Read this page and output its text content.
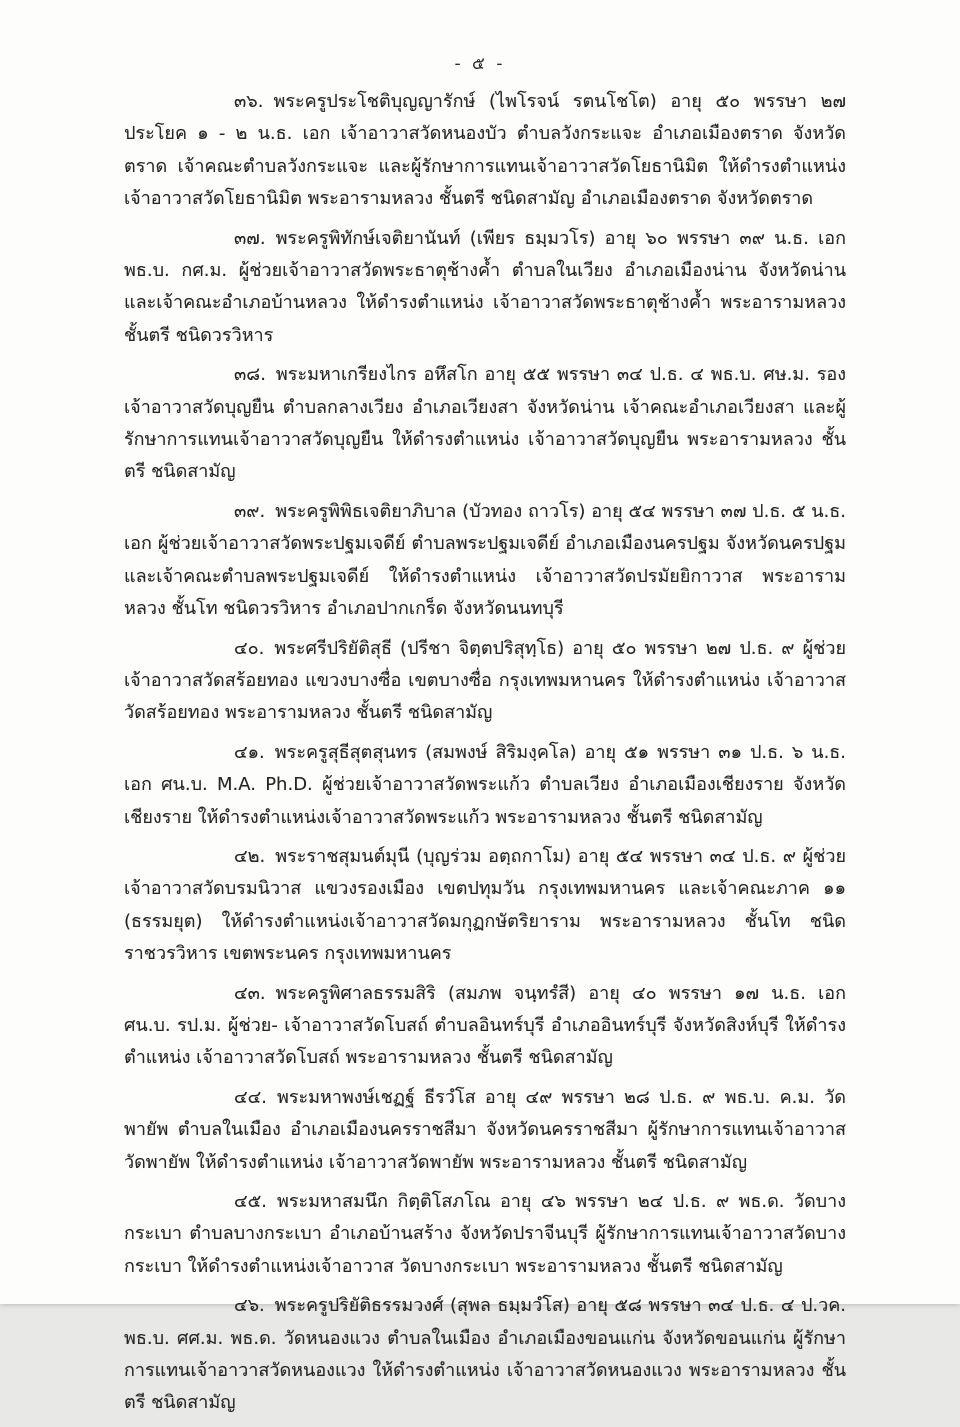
- ๕ -

๓๖. พระครูประโชติบุญญารักษ์ (ไพโรจน์ รตนโชโต) อายุ ๕๐ พรรษา ๒๗ ประโยค ๑ - ๒ น.ธ. เอก เจ้าอาวาสวัดหนองบัว ตำบลวังกระแจะ อำเภอเมืองตราด จังหวัดตราด เจ้าคณะตำบลวังกระแจะ และผู้รักษาการแทนเจ้าอาวาสวัดโยธานิมิต ให้ดำรงตำแหน่ง เจ้าอาวาสวัดโยธานิมิต พระอารามหลวง ชั้นตรี ชนิดสามัญ อำเภอเมืองตราด จังหวัดตราด

๓๗. พระครูพิทักษ์เจติยานันท์ (เพียร ธมฺมวโร) อายุ ๖๐ พรรษา ๓๙ น.ธ. เอก พธ.บ. กศ.ม. ผู้ช่วยเจ้าอาวาสวัดพระธาตุช้างค้ำ ตำบลในเวียง อำเภอเมืองน่าน จังหวัดน่าน และเจ้าคณะอำเภอบ้านหลวง ให้ดำรงตำแหน่ง เจ้าอาวาสวัดพระธาตุช้างค้ำ พระอารามหลวง ชั้นตรี ชนิดวรวิหาร

๓๘. พระมหาเกรียงไกร อหึสโก อายุ ๕๕ พรรษา ๓๔ ป.ธ. ๔ พธ.บ. ศษ.ม. รองเจ้าอาวาสวัดบุญยืน ตำบลกลางเวียง อำเภอเวียงสา จังหวัดน่าน เจ้าคณะอำเภอเวียงสา และผู้รักษาการแทนเจ้าอาวาสวัดบุญยืน ให้ดำรงตำแหน่ง เจ้าอาวาสวัดบุญยืน พระอารามหลวง ชั้นตรี ชนิดสามัญ

๓๙. พระครูพิพิธเจติยาภิบาล (บัวทอง ถาวโร) อายุ ๕๔ พรรษา ๓๗ ป.ธ. ๕ น.ธ. เอก ผู้ช่วยเจ้าอาวาสวัดพระปฐมเจดีย์ ตำบลพระปฐมเจดีย์ อำเภอเมืองนครปฐม จังหวัดนครปฐม และเจ้าคณะตำบลพระปฐมเจดีย์ ให้ดำรงตำแหน่ง เจ้าอาวาสวัดปรมัยยิกาวาส พระอารามหลวง ชั้นโท ชนิดวรวิหาร อำเภอปากเกร็ด จังหวัดนนทบุรี

๔๐. พระศรีปริยัติสุธี (ปรีชา จิตฺตปริสุทฺโธ) อายุ ๕๐ พรรษา ๒๗ ป.ธ. ๙ ผู้ช่วยเจ้าอาวาสวัดสร้อยทอง แขวงบางซื่อ เขตบางซื่อ กรุงเทพมหานคร ให้ดำรงตำแหน่ง เจ้าอาวาส วัดสร้อยทอง พระอารามหลวง ชั้นตรี ชนิดสามัญ

๔๑. พระครูสุธีสุตสุนทร (สมพงษ์ สิริมงฺคโล) อายุ ๕๑ พรรษา ๓๑ ป.ธ. ๖ น.ธ. เอก ศน.บ. M.A. Ph.D. ผู้ช่วยเจ้าอาวาสวัดพระแก้ว ตำบลเวียง อำเภอเมืองเชียงราย จังหวัดเชียงราย ให้ดำรงตำแหน่งเจ้าอาวาสวัดพระแก้ว พระอารามหลวง ชั้นตรี ชนิดสามัญ

๔๒. พระราชสุมนต์มุนี (บุญร่วม อตฺถกาโม) อายุ ๕๔ พรรษา ๓๔ ป.ธ. ๙ ผู้ช่วยเจ้าอาวาสวัดบรมนิวาส แขวงรองเมือง เขตปทุมวัน กรุงเทพมหานคร และเจ้าคณะภาค ๑๑ (ธรรมยุต) ให้ดำรงตำแหน่งเจ้าอาวาสวัดมกุฏกษัตริยาราม พระอารามหลวง ชั้นโท ชนิดราชวรวิหาร เขตพระนคร กรุงเทพมหานคร

๔๓. พระครูพิศาลธรรมสิริ (สมภพ จนฺทรํสี) อายุ ๔๐ พรรษา ๑๗ น.ธ. เอก ศน.บ. รป.ม. ผู้ช่วย- เจ้าอาวาสวัดโบสถ์ ตำบลอินทร์บุรี อำเภออินทร์บุรี จังหวัดสิงห์บุรี ให้ดำรงตำแหน่ง เจ้าอาวาสวัดโบสถ์ พระอารามหลวง ชั้นตรี ชนิดสามัญ

๔๔. พระมหาพงษ์เชฏฐ์ ธีรวํโส อายุ ๔๙ พรรษา ๒๘ ป.ธ. ๙ พธ.บ. ค.ม. วัดพายัพ ตำบลในเมือง อำเภอเมืองนครราชสีมา จังหวัดนครราชสีมา ผู้รักษาการแทนเจ้าอาวาสวัดพายัพ ให้ดำรงตำแหน่ง เจ้าอาวาสวัดพายัพ พระอารามหลวง ชั้นตรี ชนิดสามัญ

๔๕. พระมหาสมนึก กิตฺติโสภโณ อายุ ๔๖ พรรษา ๒๔ ป.ธ. ๙ พธ.ด. วัดบางกระเบา ตำบลบางกระเบา อำเภอบ้านสร้าง จังหวัดปราจีนบุรี ผู้รักษาการแทนเจ้าอาวาสวัดบางกระเบา ให้ดำรงตำแหน่งเจ้าอาวาส วัดบางกระเบา พระอารามหลวง ชั้นตรี ชนิดสามัญ

๔๖. พระครูปริยัติธรรมวงศ์ (สุพล ธมฺมวํโส) อายุ ๕๘ พรรษา ๓๔ ป.ธ. ๔ ป.วค. พธ.บ. ศศ.ม. พธ.ด. วัดหนองแวง ตำบลในเมือง อำเภอเมืองขอนแก่น จังหวัดขอนแก่น ผู้รักษาการแทนเจ้าอาวาสวัดหนองแวง ให้ดำรงตำแหน่ง เจ้าอาวาสวัดหนองแวง พระอารามหลวง ชั้นตรี ชนิดสามัญ
